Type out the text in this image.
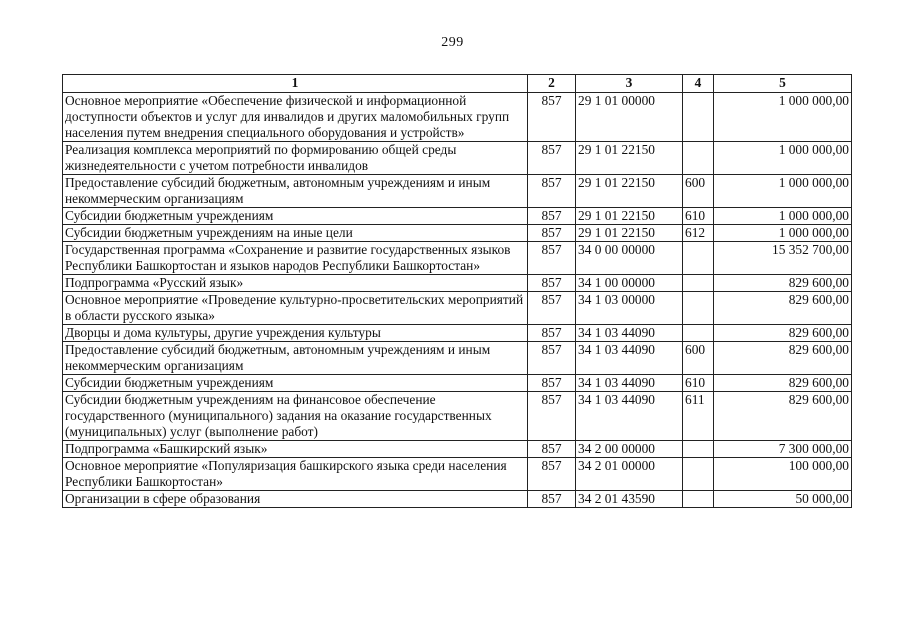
299
1	2	3	4	5
Основное мероприятие «Обеспечение физической и информационной доступности объектов и услуг для инвалидов и других маломобильных групп населения путем внедрения специального оборудования и устройств»	857	29 1 01 00000		1 000 000,00
Реализация комплекса мероприятий по формированию общей среды жизнедеятельности с учетом потребности инвалидов	857	29 1 01 22150		1 000 000,00
Предоставление субсидий бюджетным, автономным учреждениям и иным некоммерческим организациям	857	29 1 01 22150	600	1 000 000,00
Субсидии бюджетным учреждениям	857	29 1 01 22150	610	1 000 000,00
Субсидии бюджетным учреждениям на иные цели	857	29 1 01 22150	612	1 000 000,00
Государственная программа «Сохранение и развитие государственных языков Республики Башкортостан и языков народов Республики Башкортостан»	857	34 0 00 00000		15 352 700,00
Подпрограмма «Русский язык»	857	34 1 00 00000		829 600,00
Основное мероприятие «Проведение культурно-просветительских мероприятий в области русского языка»	857	34 1 03 00000		829 600,00
Дворцы и дома культуры, другие учреждения культуры	857	34 1 03 44090		829 600,00
Предоставление субсидий бюджетным, автономным учреждениям и иным некоммерческим организациям	857	34 1 03 44090	600	829 600,00
Субсидии бюджетным учреждениям	857	34 1 03 44090	610	829 600,00
Субсидии бюджетным учреждениям на финансовое обеспечение государственного (муниципального) задания на оказание государственных (муниципальных) услуг (выполнение работ)	857	34 1 03 44090	611	829 600,00
Подпрограмма «Башкирский язык»	857	34 2 00 00000		7 300 000,00
Основное мероприятие «Популяризация башкирского языка среди населения Республики Башкортостан»	857	34 2 01 00000		100 000,00
Организации в сфере образования	857	34 2 01 43590		50 000,00
